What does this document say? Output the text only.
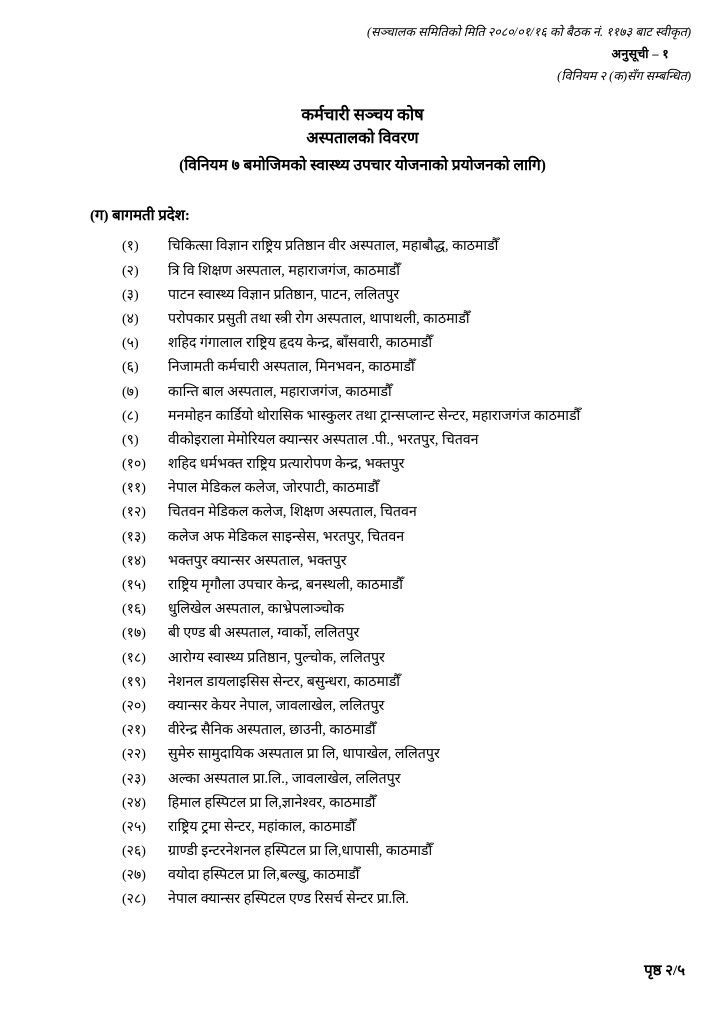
(सञ्चालक समितिको मिति २०८०/०१/१६ को बैठक नं. ११७३ बाट स्वीकृत)
अनुसूची – १
(विनियम २ (क)सँग सम्बन्धित)
कर्मचारी सञ्चय कोष
अस्पतालको विवरण
(विनियम ७ बमोजिमको स्वास्थ्य उपचार योजनाको प्रयोजनको लागि)
(ग) बागमती प्रदेश:
(१)	चिकित्सा विज्ञान राष्ट्रिय प्रतिष्ठान वीर अस्पताल, महाबौद्ध, काठमाडौँ
(२)	त्रि वि शिक्षण अस्पताल, महाराजगंज, काठमाडौँ
(३)	पाटन स्वास्थ्य विज्ञान प्रतिष्ठान, पाटन, ललितपुर
(४)	परोपकार प्रसुती तथा स्त्री रोग अस्पताल, थापाथली, काठमाडौँ
(५)	शहिद गंगालाल राष्ट्रिय हृदय केन्द्र, बाँसवारी, काठमाडौँ
(६)	निजामती कर्मचारी अस्पताल, मिनभवन, काठमाडौँ
(७)	कान्ति बाल अस्पताल, महाराजगंज, काठमाडौँ
(८)	मनमोहन कार्डियो थोरासिक भास्कुलर तथा ट्रान्सप्लान्ट सेन्टर, महाराजगंज काठमाडौँ
(९)	वीकोइराला मेमोरियल क्यान्सर अस्पताल .पी., भरतपुर, चितवन
(१०)	शहिद धर्मभक्त राष्ट्रिय प्रत्यारोपण केन्द्र, भक्तपुर
(११)	नेपाल मेडिकल कलेज, जोरपाटी, काठमाडौँ
(१२)	चितवन मेडिकल कलेज, शिक्षण अस्पताल, चितवन
(१३)	कलेज अफ मेडिकल साइन्सेस, भरतपुर, चितवन
(१४)	भक्तपुर क्यान्सर अस्पताल, भक्तपुर
(१५)	राष्ट्रिय मृगौला उपचार केन्द्र, बनस्थली, काठमाडौँ
(१६)	धुलिखेल अस्पताल, काभ्रेपलाञ्चोक
(१७)	बी एण्ड बी अस्पताल, ग्वार्को, ललितपुर
(१८)	आरोग्य स्वास्थ्य प्रतिष्ठान, पुल्चोक, ललितपुर
(१९)	नेशनल डायलाइसिस सेन्टर, बसुन्धरा, काठमाडौँ
(२०)	क्यान्सर केयर नेपाल, जावलाखेल, ललितपुर
(२१)	वीरेन्द्र सैनिक अस्पताल, छाउनी, काठमाडौँ
(२२)	सुमेरु सामुदायिक अस्पताल प्रा लि, धापाखेल, ललितपुर
(२३)	अल्का अस्पताल प्रा.लि., जावलाखेल, ललितपुर
(२४)	हिमाल हस्पिटल प्रा लि,ज्ञानेश्वर, काठमाडौँ
(२५)	राष्ट्रिय ट्रमा सेन्टर, महांकाल, काठमाडौँ
(२६)	ग्राण्डी इन्टरनेशनल हस्पिटल प्रा लि,धापासी, काठमाडौँ
(२७)	वयोदा हस्पिटल प्रा लि,बल्खु, काठमाडौँ
(२८)	नेपाल क्यान्सर हस्पिटल एण्ड रिसर्च सेन्टर प्रा.लि.
पृष्ठ २/५
